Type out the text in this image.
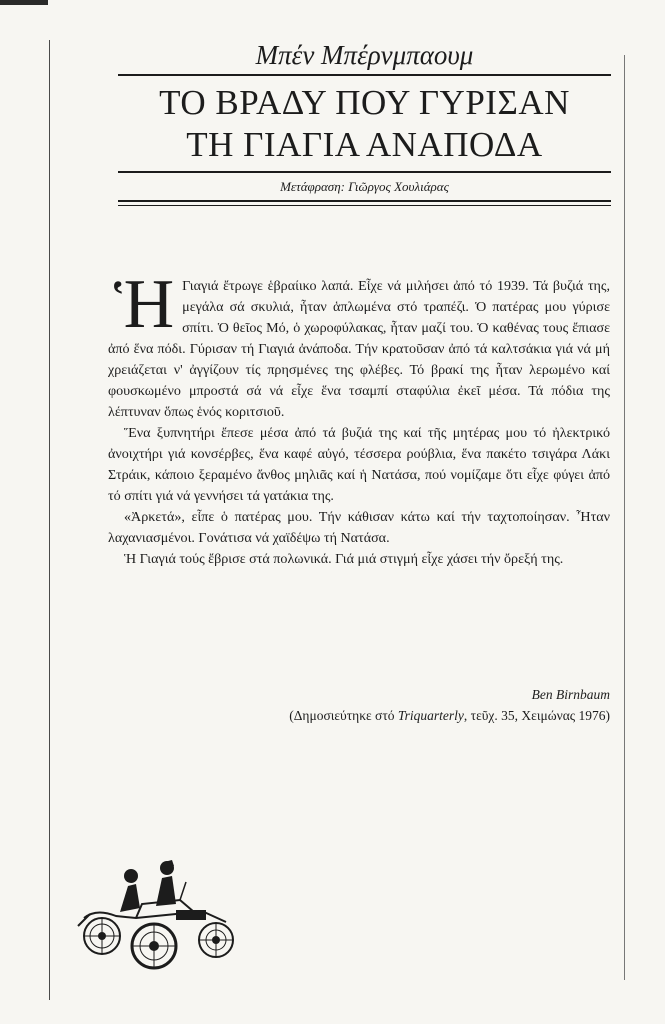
Μπέν Μπέρνμπαουμ
ΤΟ ΒΡΑΔΥ ΠΟΥ ΓΥΡΙΣΑΝ
ΤΗ ΓΙΑΓΙΑ ΑΝΑΠΟΔΑ
Μετάφραση: Γιῶργος Χουλιάρας

Ἡ Γιαγιά ἔτρωγε ἑβραίικο λαπά. Εἶχε νά μιλήσει ἀπό τό 1939. Τά βυζιά της, μεγάλα σά σκυλιά, ἦταν ἁπλωμένα στό τραπέζι. Ὁ πατέρας μου γύρισε σπίτι. Ὁ θεῖος Μό, ὁ χωροφύλακας, ἦταν μαζί του. Ὁ καθένας τους ἔπιασε ἀπό ἕνα πόδι. Γύρισαν τή Γιαγιά ἀνάποδα. Τήν κρατοῦσαν ἀπό τά καλτσάκια γιά νά μή χρειάζεται ν' ἀγγίζουν τίς πρησμένες της φλέβες. Τό βρακί της ἦταν λερωμένο καί φουσκωμένο μπροστά σά νά εἶχε ἕνα τσαμπί σταφύλια ἐκεῖ μέσα. Τά πόδια της λέπτυναν ὅπως ἑνός κοριτσιοῦ.

Ἕνα ξυπνητήρι ἔπεσε μέσα ἀπό τά βυζιά της καί τῆς μητέρας μου τό ἠλεκτρικό ἀνοιχτήρι γιά κονσέρβες, ἕνα καφέ αὐγό, τέσσερα ρούβλια, ἕνα πακέτο τσιγάρα Λάκι Στράικ, κάποιο ξεραμένο ἄνθος μηλιᾶς καί ἡ Νατάσα, πού νομίζαμε ὅτι εἶχε φύγει ἀπό τό σπίτι γιά νά γεννήσει τά γατάκια της.

«Ἀρκετά», εἶπε ὁ πατέρας μου. Τήν κάθισαν κάτω καί τήν ταχτοποίησαν. Ἦταν λαχανιασμένοι. Γονάτισα νά χαϊδέψω τή Νατάσα.

Ἡ Γιαγιά τούς ἔβρισε στά πολωνικά. Γιά μιά στιγμή εἶχε χάσει τήν ὄρεξή της.

Ben Birnbaum
(Δημοσιεύτηκε στό Triquarterly, τεῦχ. 35, Χειμώνας 1976)
